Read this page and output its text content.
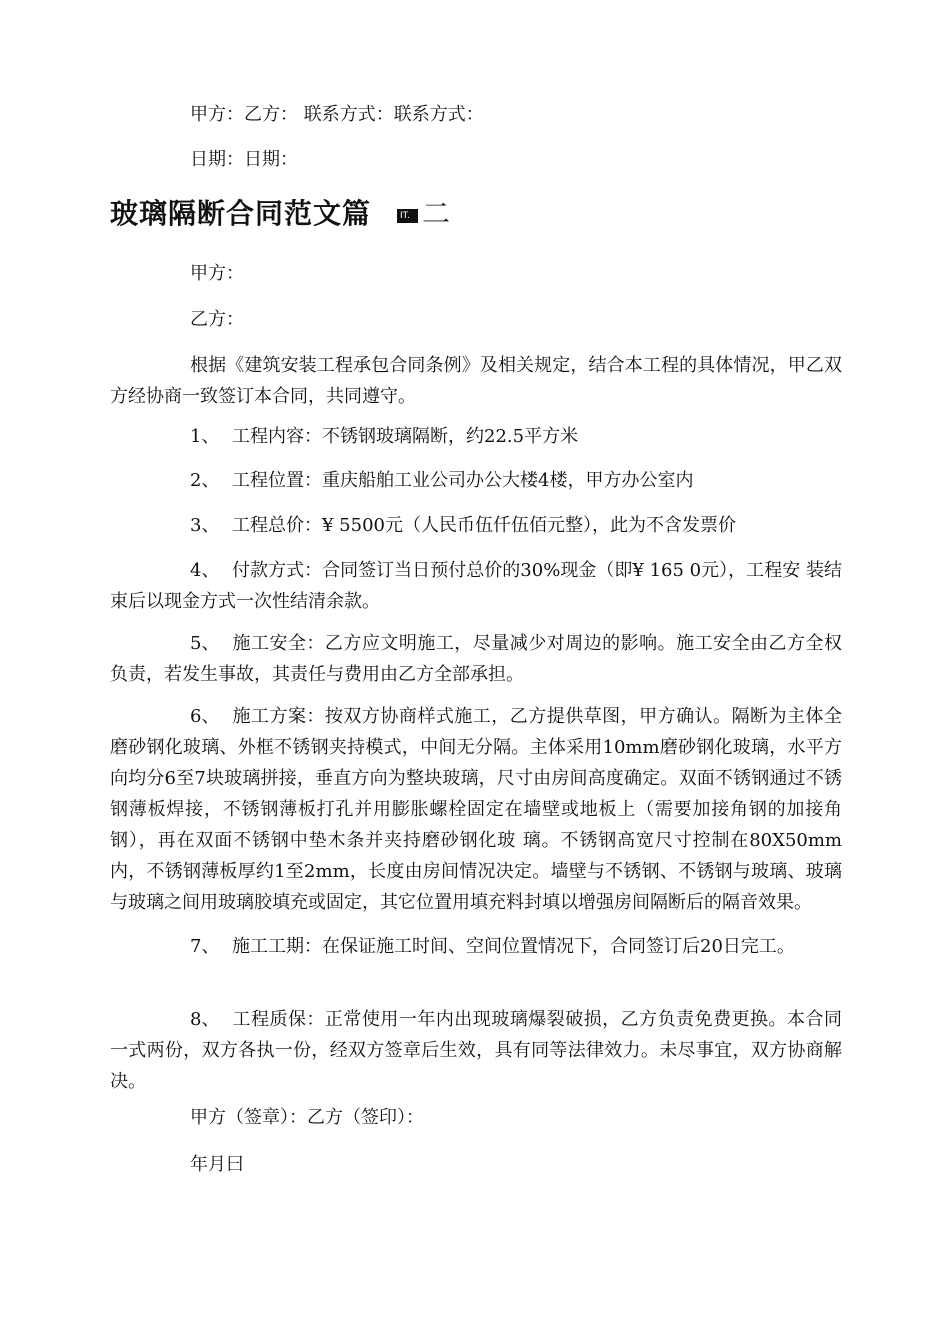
甲方：乙方： 联系方式：联系方式：
日期：日期：
玻璃隔断合同范文篇	IT. 二
甲方：
乙方：

根据《建筑安装工程承包合同条例》及相关规定，结合本工程的具体情况，甲乙双方经协商一致签订本合同，共同遵守。

1、 工程内容：不锈钢玻璃隔断，约22.5平方米

2、 工程位置：重庆船舶工业公司办公大楼4楼，甲方办公室内

3、 工程总价：¥ 5500元（人民币伍仟伍佰元整），此为不含发票价

4、 付款方式：合同签订当日预付总价的30%现金（即¥ 165 0元），工程安 装结束后以现金方式一次性结清余款。

5、 施工安全：乙方应文明施工，尽量减少对周边的影响。施工安全由乙方全权负责，若发生事故，其责任与费用由乙方全部承担。

6、 施工方案：按双方协商样式施工，乙方提供草图，甲方确认。隔断为主体全磨砂钢化玻璃、外框不锈钢夹持模式，中间无分隔。主体采用10mm磨砂钢化玻璃，水平方向均分6至7块玻璃拼接，垂直方向为整块玻璃，尺寸由房间高度确定。双面不锈钢通过不锈钢薄板焊接，不锈钢薄板打孔并用膨胀螺栓固定在墙壁或地板上（需要加接角钢的加接角钢），再在双面不锈钢中垫木条并夹持磨砂钢化玻 璃。不锈钢高宽尺寸控制在80X50mm内，不锈钢薄板厚约1至2mm，长度由房间情况决定。墙壁与不锈钢、不锈钢与玻璃、玻璃与玻璃之间用玻璃胶填充或固定，其它位置用填充料封填以增强房间隔断后的隔音效果。

7、 施工工期：在保证施工时间、空间位置情况下，合同签订后20日完工。

8、 工程质保：正常使用一年内出现玻璃爆裂破损，乙方负责免费更换。本合同一式两份，双方各执一份，经双方签章后生效，具有同等法律效力。未尽事宜，双方协商解决。

甲方（签章）：乙方（签印）：
年月曰
